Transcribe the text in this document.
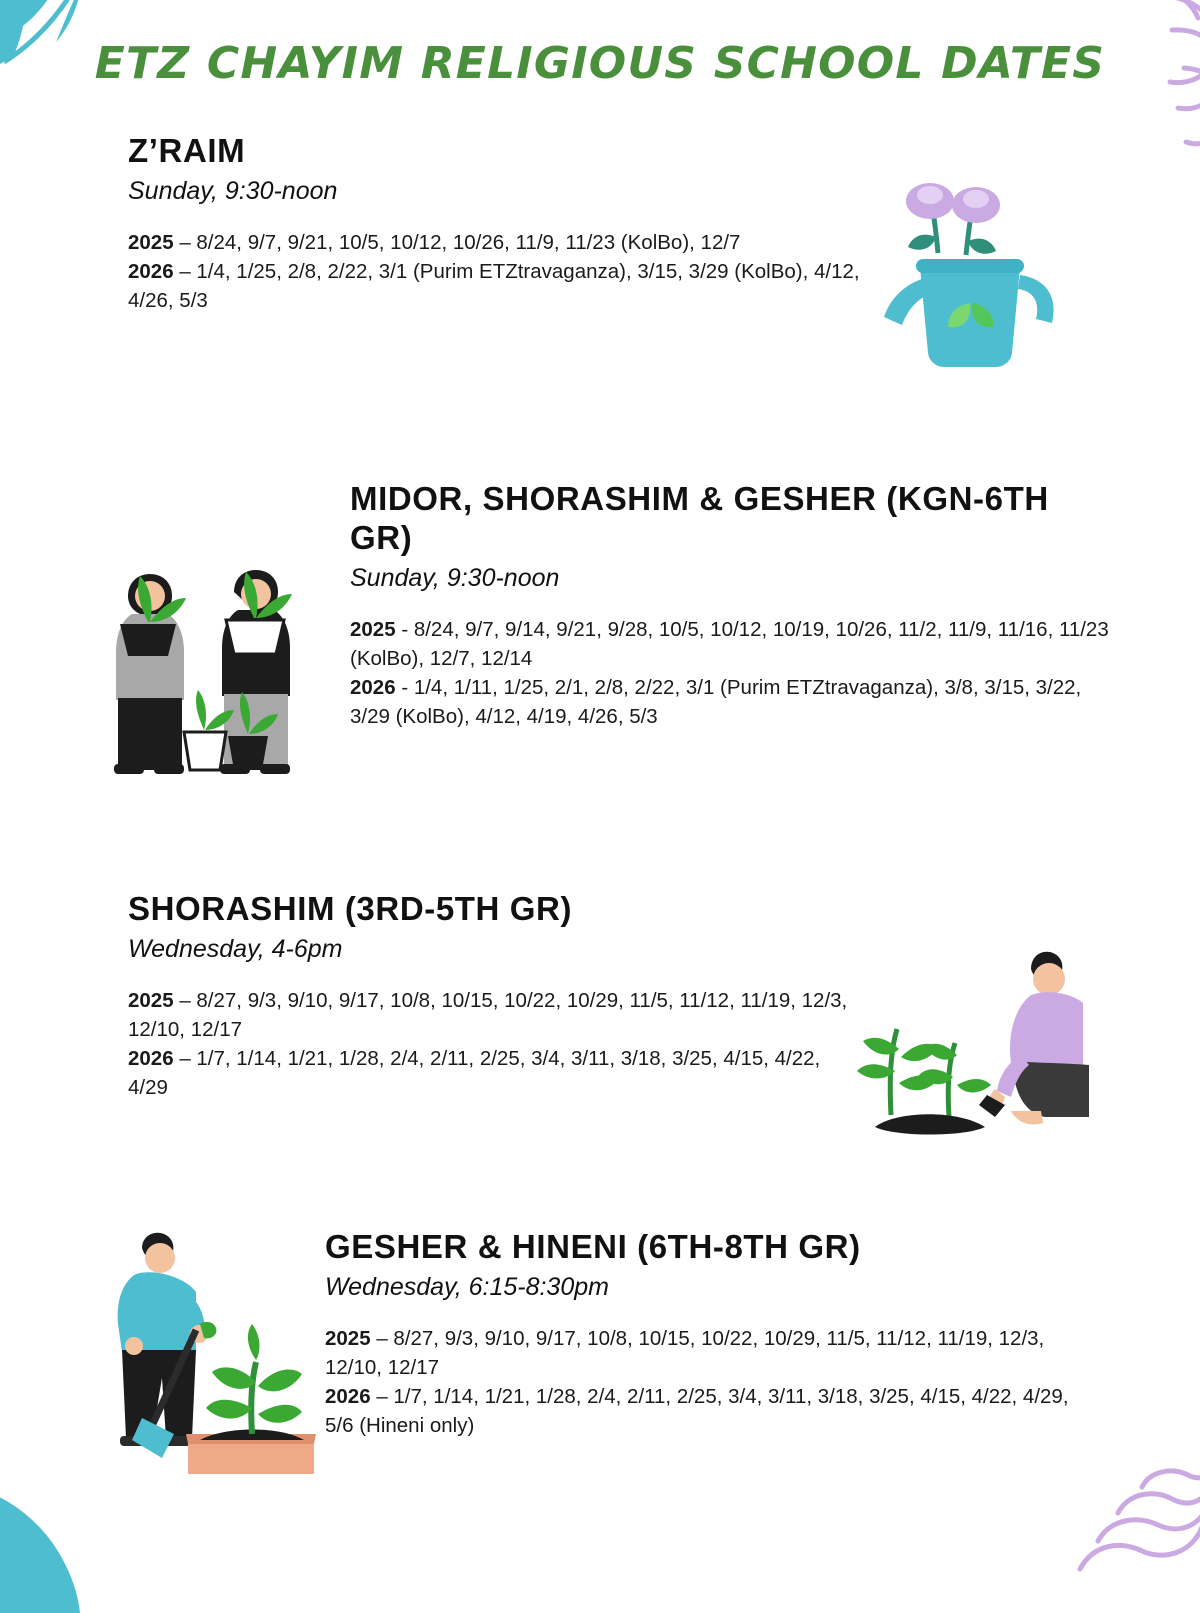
ETZ CHAYIM RELIGIOUS SCHOOL DATES
Z’RAIM
Sunday, 9:30-noon

2025 – 8/24, 9/7, 9/21, 10/5, 10/12, 10/26, 11/9, 11/23 (KolBo), 12/7

2026 – 1/4, 1/25, 2/8, 2/22, 3/1 (Purim ETZtravaganza), 3/15, 3/29 (KolBo), 4/12, 4/26, 5/3

MIDOR, SHORASHIM & GESHER (KGN-6TH GR)
Sunday, 9:30-noon

2025 - 8/24, 9/7, 9/14, 9/21, 9/28, 10/5, 10/12, 10/19, 10/26, 11/2, 11/9, 11/16, 11/23 (KolBo), 12/7, 12/14

2026 - 1/4, 1/11, 1/25, 2/1, 2/8, 2/22, 3/1 (Purim ETZtravaganza), 3/8, 3/15, 3/22, 3/29 (KolBo), 4/12, 4/19, 4/26, 5/3

SHORASHIM (3RD-5TH GR)
Wednesday, 4-6pm

2025 – 8/27, 9/3, 9/10, 9/17, 10/8, 10/15, 10/22, 10/29, 11/5, 11/12, 11/19, 12/3, 12/10, 12/17

2026 – 1/7, 1/14, 1/21, 1/28, 2/4, 2/11, 2/25, 3/4, 3/11, 3/18, 3/25, 4/15, 4/22, 4/29

GESHER & HINENI (6TH-8TH GR)
Wednesday, 6:15-8:30pm

2025 – 8/27, 9/3, 9/10, 9/17, 10/8, 10/15, 10/22, 10/29, 11/5, 11/12, 11/19, 12/3, 12/10, 12/17

2026 – 1/7, 1/14, 1/21, 1/28, 2/4, 2/11, 2/25, 3/4, 3/11, 3/18, 3/25, 4/15, 4/22, 4/29, 5/6 (Hineni only)
